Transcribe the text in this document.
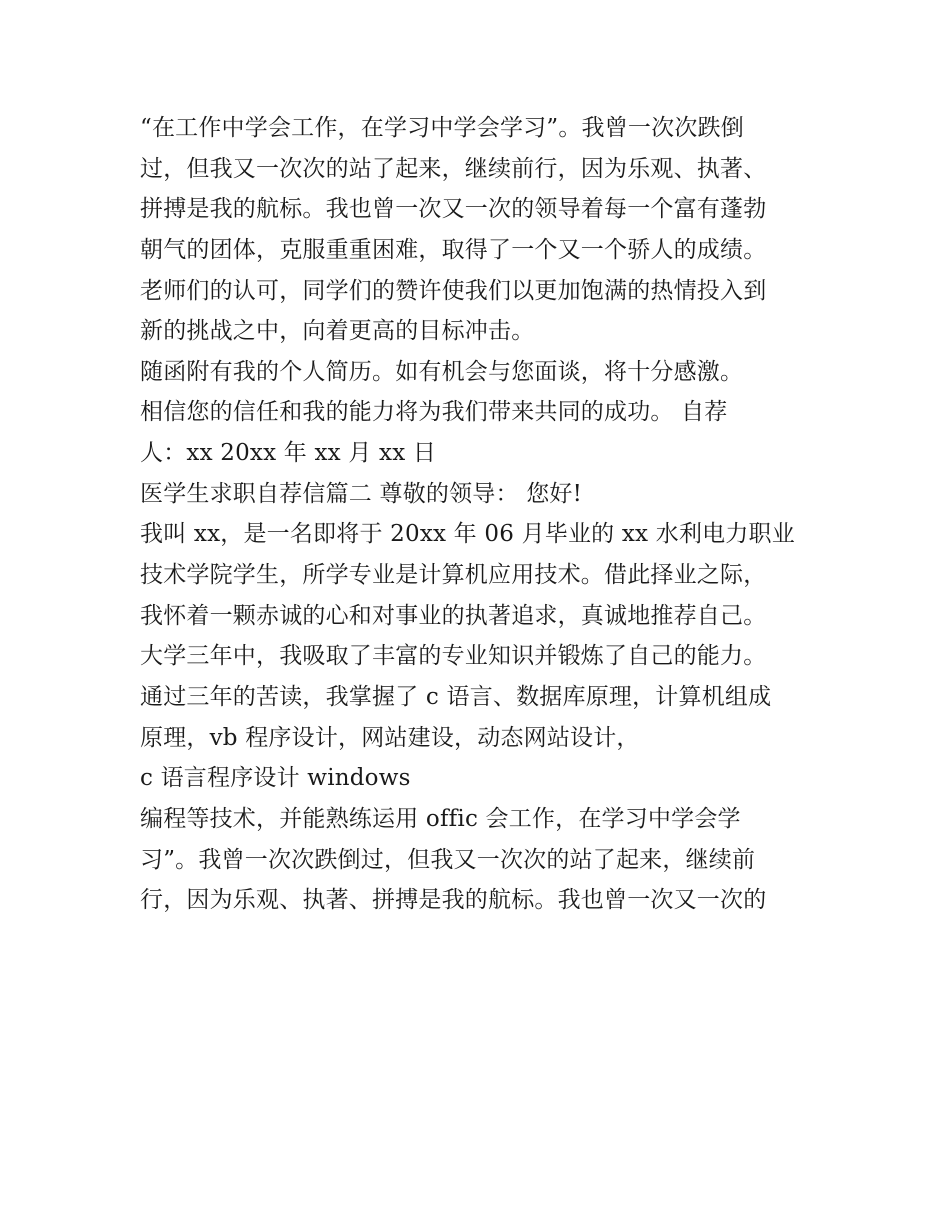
“在工作中学会工作，在学习中学会学习”。我曾一次次跌倒
过，但我又一次次的站了起来，继续前行，因为乐观、执著、
拼搏是我的航标。我也曾一次又一次的领导着每一个富有蓬勃
朝气的团体，克服重重困难，取得了一个又一个骄人的成绩。
老师们的认可，同学们的赞许使我们以更加饱满的热情投入到
新的挑战之中，向着更高的目标冲击。
随函附有我的个人简历。如有机会与您面谈，将十分感激。
相信您的信任和我的能力将为我们带来共同的成功。 自荐
人：xx 20xx 年 xx 月 xx 日
医学生求职自荐信篇二 尊敬的领导： 您好!
我叫 xx，是一名即将于 20xx 年 06 月毕业的 xx 水利电力职业
技术学院学生，所学专业是计算机应用技术。借此择业之际，
我怀着一颗赤诚的心和对事业的执著追求，真诚地推荐自己。
大学三年中，我吸取了丰富的专业知识并锻炼了自己的能力。
通过三年的苦读，我掌握了 c 语言、数据库原理，计算机组成
原理，vb 程序设计，网站建设，动态网站设计，
c 语言程序设计 windows
编程等技术，并能熟练运用 offic 会工作，在学习中学会学
习”。我曾一次次跌倒过，但我又一次次的站了起来，继续前
行，因为乐观、执著、拼搏是我的航标。我也曾一次又一次的
